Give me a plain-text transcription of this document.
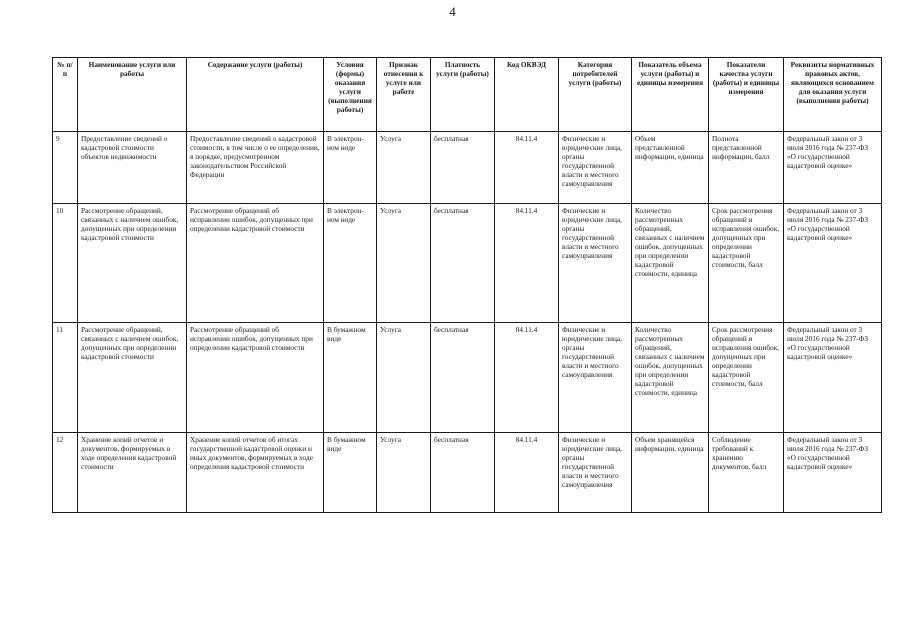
4
№ п/п	Наименование услуги или работы	Содержание услуги (работы)	Условия (формы) оказания услуги (выполнения работы)	Признак отнесения к услуге или работе	Платность услуги (работы)	Код ОКВЭД	Категория потребителей услуги (работы)	Показатель объема услуги (работы) и единицы измерения	Показатели качества услуги (работы) и единицы измерения	Реквизиты нормативных правовых актов, являющихся основанием для оказания услуги (выполнения работы)
9	Предоставление сведений о кадастровой стоимости объектов недвижимости	Предоставление сведений о кадастровой стоимости, в том числе о ее определении, в порядке, предусмотренном законодательством Российской Федерации	В электрон-ном виде	Услуга	бесплатная	84.11.4	Физические и юридические лица, органы государственной власти и местного самоуправления	Объем представленной информации, единица	Полнота представленной информации, балл	Федеральный закон от 3 июля 2016 года № 237-ФЗ «О государственной кадастровой оценке»
10	Рассмотрение обращений, связанных с наличием ошибок, допущенных при определении кадастровой стоимости	Рассмотрение обращений об исправлении ошибок, допущенных при определении кадастровой стоимости	В электрон-ном виде	Услуга	бесплатная	84.11.4	Физические и юридические лица, органы государственной власти и местного самоуправления	Количество рассмотренных обращений, связанных с наличием ошибок, допущенных при определении кадастровой стоимости, единица	Срок рассмотрения обращений и исправления ошибок, допущенных при определении кадастровой стоимости, балл	Федеральный закон от 3 июля 2016 года № 237-ФЗ «О государственной кадастровой оценке»
11	Рассмотрение обращений, связанных с наличием ошибок, допущенных при определении кадастровой стоимости	Рассмотрение обращений об исправлении ошибок, допущенных при определении кадастровой стоимости	В бумажном виде	Услуга	бесплатная	84.11.4	Физические и юридические лица, органы государственной власти и местного самоуправления	Количество рассмотренных обращений, связанных с наличием ошибок, допущенных при определении кадастровой стоимости, единица	Срок рассмотрения обращений и исправления ошибок, допущенных при определении кадастровой стоимости, балл	Федеральный закон от 3 июля 2016 года № 237-ФЗ «О государственной кадастровой оценке»
12	Хранение копий отчетов и документов, формируемых в ходе определения кадастровой стоимости	Хранение копий отчетов об итогах государственной кадастровой оценки и иных документов, формируемых в ходе определения кадастровой стоимости	В бумажном виде	Услуга	бесплатная	84.11.4	Физические и юридические лица, органы государственной власти и местного самоуправления	Объем хранящейся информации, единица	Соблюдение требований к хранению документов, балл	Федеральный закон от 3 июля 2016 года № 237-ФЗ «О государственной кадастровой оценке»
